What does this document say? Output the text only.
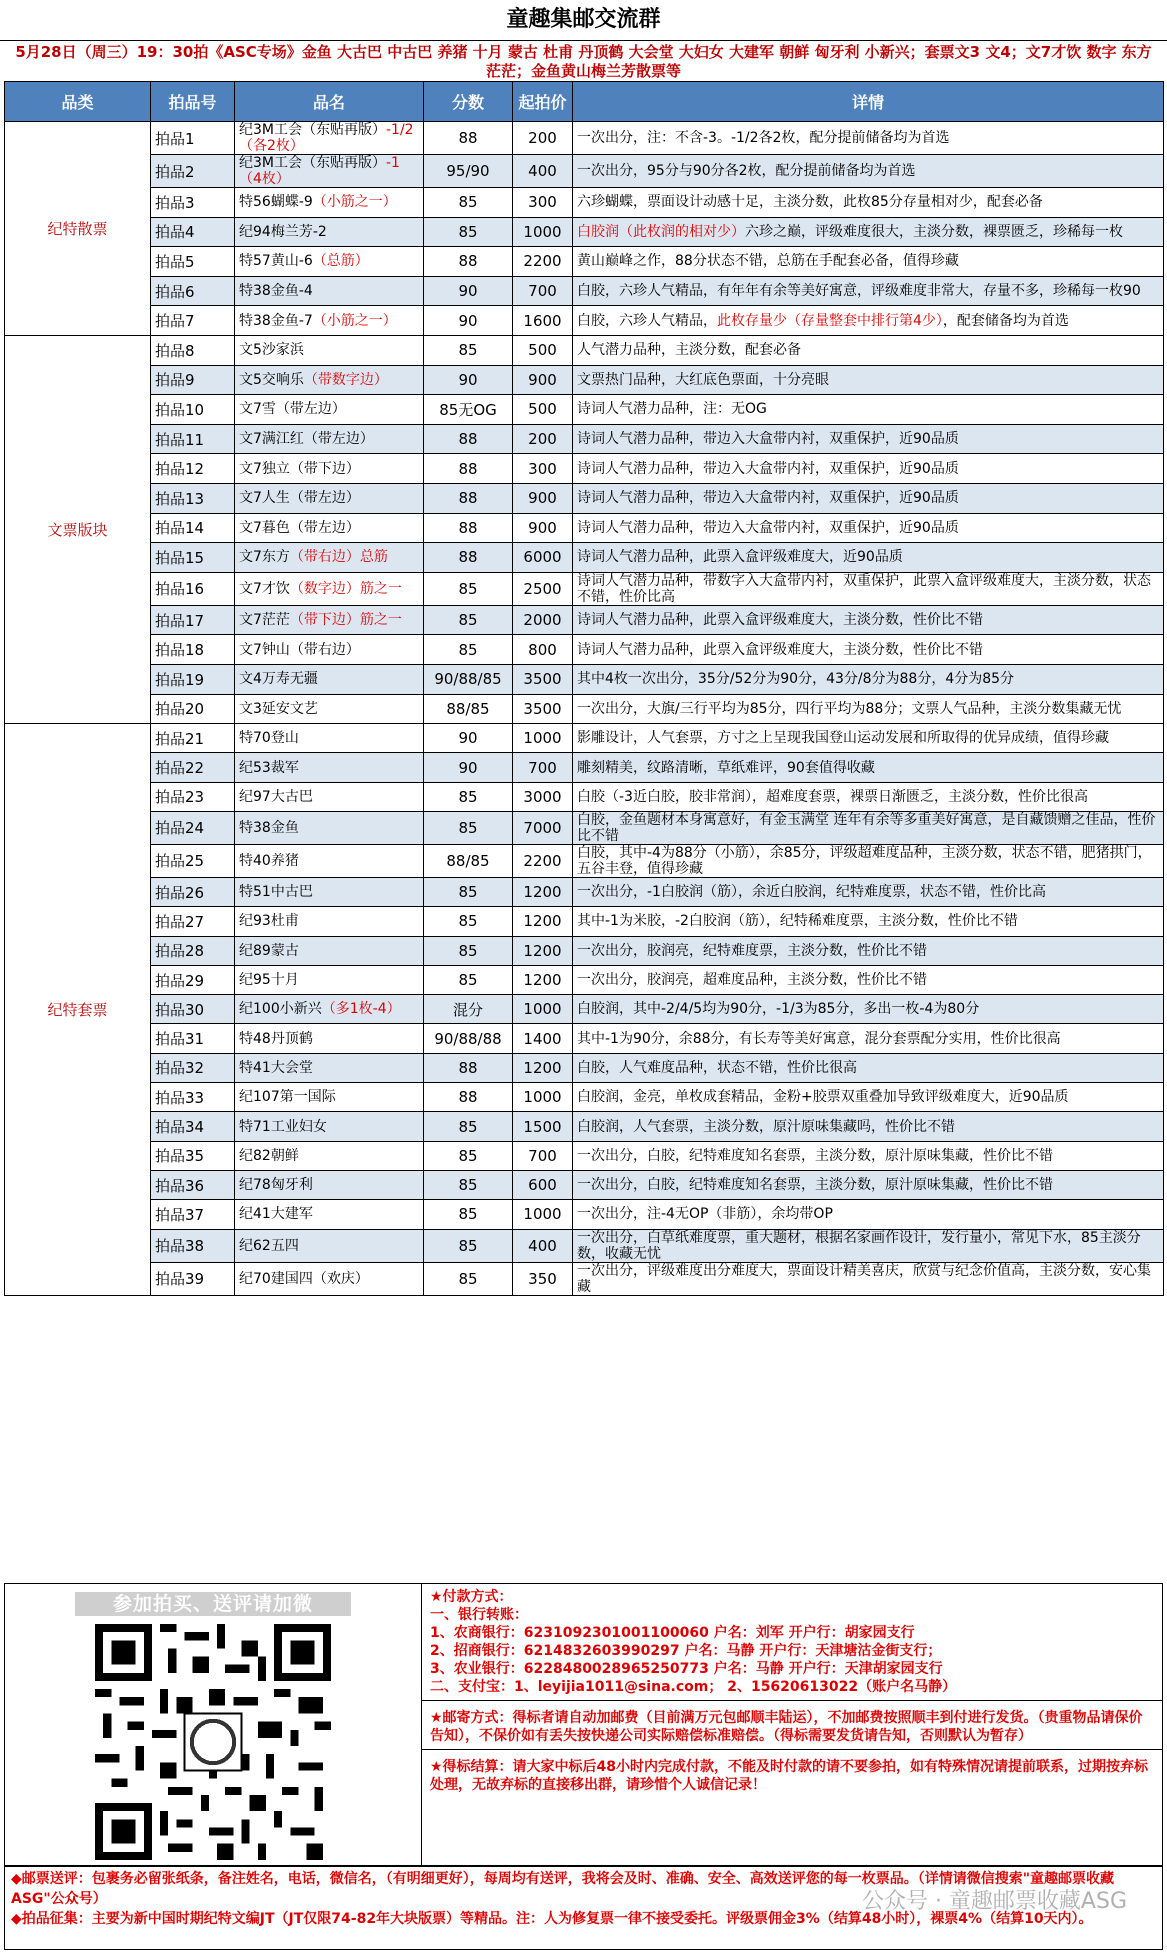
童趣集邮交流群
5月28日（周三）19：30拍《ASC专场》金鱼 大古巴 中古巴 养猪 十月 蒙古 杜甫 丹顶鹤 大会堂 大妇女 大建军 朝鲜 匈牙利 小新兴；套票文3 文4；文7才饮 数字 东方 茫茫；金鱼黄山梅兰芳散票等
品类	拍品号	品名	分数	起拍价	详情
纪特散票	拍品1	纪3M工会（东贴再版）-1/2（各2枚）	88	200	一次出分，注：不含-3。-1/2各2枚，配分提前储备均为首选
	拍品2	纪3M工会（东贴再版）-1（4枚）	95/90	400	一次出分，95分与90分各2枚，配分提前储备均为首选
	拍品3	特56蝴蝶-9（小筋之一）	85	300	六珍蝴蝶，票面设计动感十足，主淡分数，此枚85分存量相对少，配套必备
	拍品4	纪94梅兰芳-2	85	1000	白胶润（此枚润的相对少）六珍之巅，评级难度很大，主淡分数，裸票匮乏，珍稀每一枚
	拍品5	特57黄山-6（总筋）	88	2200	黄山巅峰之作，88分状态不错，总筋在手配套必备，值得珍藏
	拍品6	特38金鱼-4	90	700	白胶，六珍人气精品，有年年有余等美好寓意，评级难度非常大，存量不多，珍稀每一枚90
	拍品7	特38金鱼-7（小筋之一）	90	1600	白胶，六珍人气精品，此枚存量少（存量整套中排行第4少），配套储备均为首选
文票版块	拍品8	文5沙家浜	85	500	人气潜力品种，主淡分数，配套必备
	拍品9	文5交响乐（带数字边）	90	900	文票热门品种，大红底色票面，十分亮眼
	拍品10	文7雪（带左边）	85无OG	500	诗词人气潜力品种，注：无OG
	拍品11	文7满江红（带左边）	88	200	诗词人气潜力品种，带边入大盒带内衬，双重保护，近90品质
	拍品12	文7独立（带下边）	88	300	诗词人气潜力品种，带边入大盒带内衬，双重保护，近90品质
	拍品13	文7人生（带左边）	88	900	诗词人气潜力品种，带边入大盒带内衬，双重保护，近90品质
	拍品14	文7暮色（带左边）	88	900	诗词人气潜力品种，带边入大盒带内衬，双重保护，近90品质
	拍品15	文7东方（带右边）总筋	88	6000	诗词人气潜力品种，此票入盒评级难度大，近90品质
	拍品16	文7才饮（数字边）筋之一	85	2500	诗词人气潜力品种，带数字入大盒带内衬，双重保护，此票入盒评级难度大，主淡分数，状态不错，性价比高
	拍品17	文7茫茫（带下边）筋之一	85	2000	诗词人气潜力品种，此票入盒评级难度大，主淡分数，性价比不错
	拍品18	文7钟山（带右边）	85	800	诗词人气潜力品种，此票入盒评级难度大，主淡分数，性价比不错
	拍品19	文4万寿无疆	90/88/85	3500	其中4枚一次出分，35分/52分为90分，43分/8分为88分，4分为85分
	拍品20	文3延安文艺	88/85	3500	一次出分，大旗/三行平均为85分，四行平均为88分；文票人气品种，主淡分数集藏无忧
纪特套票	拍品21	特70登山	90	1000	影雕设计，人气套票，方寸之上呈现我国登山运动发展和所取得的优异成绩，值得珍藏
	拍品22	纪53裁军	90	700	雕刻精美，纹路清晰，草纸难评，90套值得收藏
	拍品23	纪97大古巴	85	3000	白胶（-3近白胶，胶非常润），超难度套票，裸票日渐匮乏，主淡分数，性价比很高
	拍品24	特38金鱼	85	7000	白胶，金鱼题材本身寓意好，有金玉满堂 连年有余等多重美好寓意，是自藏馈赠之佳品，性价比不错
	拍品25	特40养猪	88/85	2200	白胶，其中-4为88分（小筋），余85分，评级超难度品种，主淡分数，状态不错，肥猪拱门，五谷丰登，值得珍藏
	拍品26	特51中古巴	85	1200	一次出分，-1白胶润（筋），余近白胶润，纪特难度票，状态不错，性价比高
	拍品27	纪93杜甫	85	1200	其中-1为米胶，-2白胶润（筋），纪特稀难度票，主淡分数，性价比不错
	拍品28	纪89蒙古	85	1200	一次出分，胶润亮，纪特难度票，主淡分数，性价比不错
	拍品29	纪95十月	85	1200	一次出分，胶润亮，超难度品种，主淡分数，性价比不错
	拍品30	纪100小新兴（多1枚-4）	混分	1000	白胶润，其中-2/4/5均为90分，-1/3为85分，多出一枚-4为80分
	拍品31	特48丹顶鹤	90/88/88	1400	其中-1为90分，余88分，有长寿等美好寓意，混分套票配分实用，性价比很高
	拍品32	特41大会堂	88	1200	白胶，人气难度品种，状态不错，性价比很高
	拍品33	纪107第一国际	88	1000	白胶润，金亮，单枚成套精品，金粉+胶票双重叠加导致评级难度大，近90品质
	拍品34	特71工业妇女	85	1500	白胶润，人气套票，主淡分数，原汁原味集藏吗，性价比不错
	拍品35	纪82朝鲜	85	700	一次出分，白胶，纪特难度知名套票，主淡分数，原汁原味集藏，性价比不错
	拍品36	纪78匈牙利	85	600	一次出分，白胶，纪特难度知名套票，主淡分数，原汁原味集藏，性价比不错
	拍品37	纪41大建军	85	1000	一次出分，注-4无OP（非筋），余均带OP
	拍品38	纪62五四	85	400	一次出分，白草纸难度票，重大题材，根据名家画作设计，发行量小，常见下水，85主淡分数，收藏无忧
	拍品39	纪70建国四（欢庆）	85	350	一次出分，评级难度出分难度大，票面设计精美喜庆，欣赏与纪念价值高，主淡分数，安心集藏
参加拍买、送评请加微	★付款方式：
一、银行转账：
1、农商银行：6231092301001100060 户名：刘军 开户行：胡家园支行
2、招商银行：6214832603990297 户名：马静 开户行：天津塘沽金街支行；
3、农业银行：6228480028965250773 户名：马静 开户行：天津胡家园支行
二、支付宝：1、leyijia1011@sina.com； 2、15620613022（账户名马静）
★邮寄方式：得标者请自动加邮费（目前满万元包邮顺丰陆运），不加邮费按照顺丰到付进行发货。（贵重物品请保价告知），不保价如有丢失按快递公司实际赔偿标准赔偿。（得标需要发货请告知，否则默认为暂存）
★得标结算：请大家中标后48小时内完成付款，不能及时付款的请不要参拍，如有特殊情况请提前联系，过期按弃标处理，无故弃标的直接移出群，请珍惜个人诚信记录！
◆邮票送评：包裹务必留张纸条，备注姓名，电话，微信名，（有明细更好），每周均有送评，我将会及时、准确、安全、高效送评您的每一枚票品。（详情请微信搜索"童趣邮票收藏ASG"公众号）
◆拍品征集：主要为新中国时期纪特文编JT（JT仅限74-82年大块版票）等精品。注：人为修复票一律不接受委托。评级票佣金3%（结算48小时），裸票4%（结算10天内）。
公众号 · 童趣邮票收藏ASG
